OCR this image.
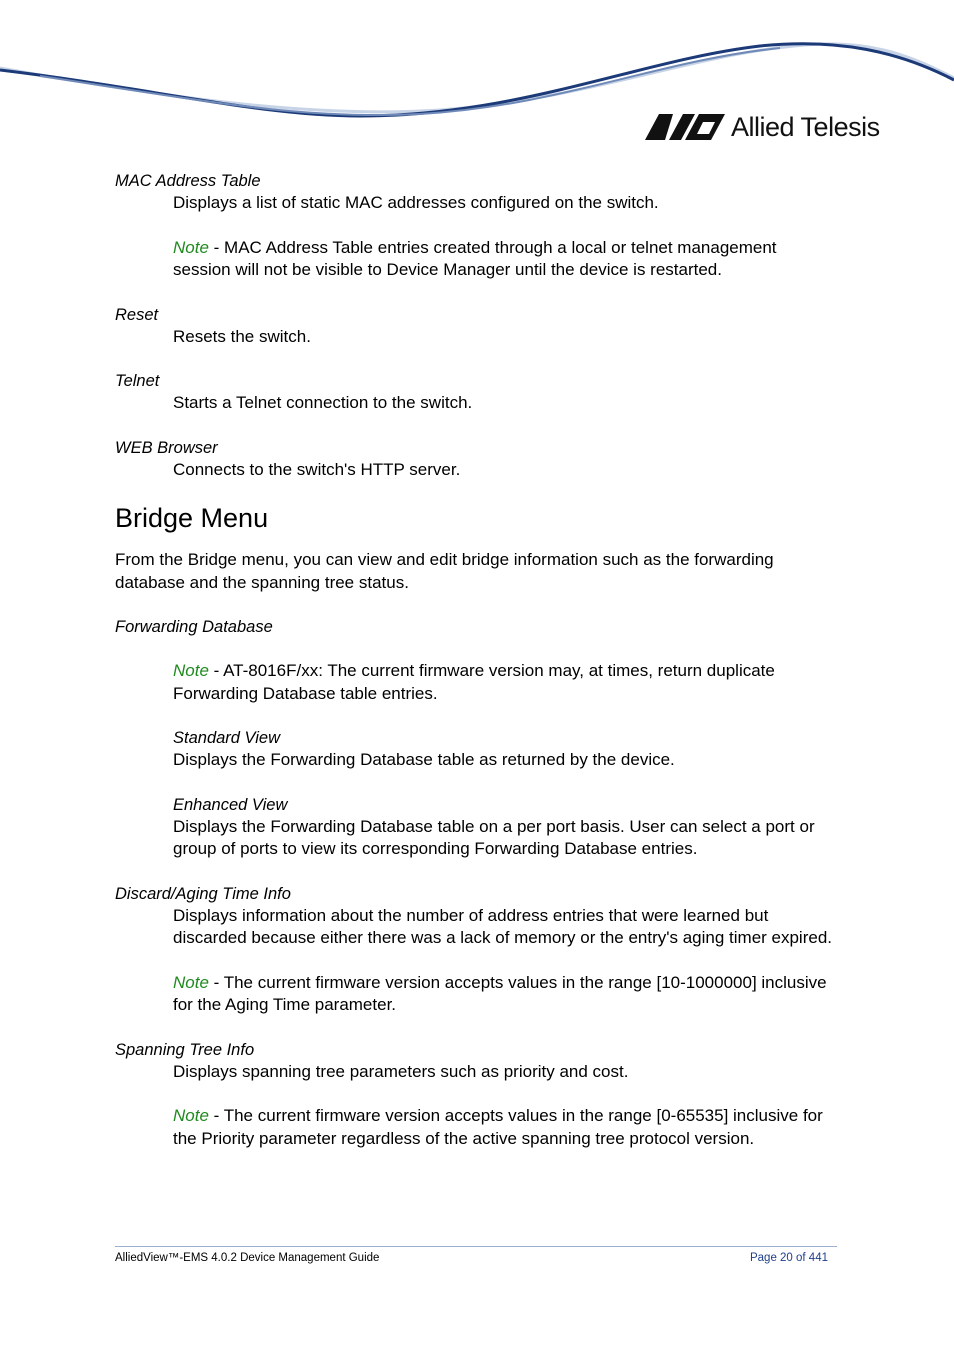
Allied Telesis

MAC Address Table

Displays a list of static MAC addresses configured on the switch.

Note - MAC Address Table entries created through a local or telnet management session will not be visible to Device Manager until the device is restarted.

Reset

Resets the switch.

Telnet

Starts a Telnet connection to the switch.

WEB Browser

Connects to the switch's HTTP server.

Bridge Menu

From the Bridge menu, you can view and edit bridge information such as the forwarding database and the spanning tree status.

Forwarding Database

Note - AT-8016F/xx: The current firmware version may, at times, return duplicate Forwarding Database table entries.

Standard View

Displays the Forwarding Database table as returned by the device.

Enhanced View

Displays the Forwarding Database table on a per port basis. User can select a port or group of ports to view its corresponding Forwarding Database entries.

Discard/Aging Time Info

Displays information about the number of address entries that were learned but discarded because either there was a lack of memory or the entry's aging timer expired.

Note - The current firmware version accepts values in the range [10-1000000] inclusive for the Aging Time parameter.

Spanning Tree Info

Displays spanning tree parameters such as priority and cost.

Note - The current firmware version accepts values in the range [0-65535] inclusive for the Priority parameter regardless of the active spanning tree protocol version.

AlliedView™-EMS 4.0.2 Device Management Guide	Page 20 of 441
